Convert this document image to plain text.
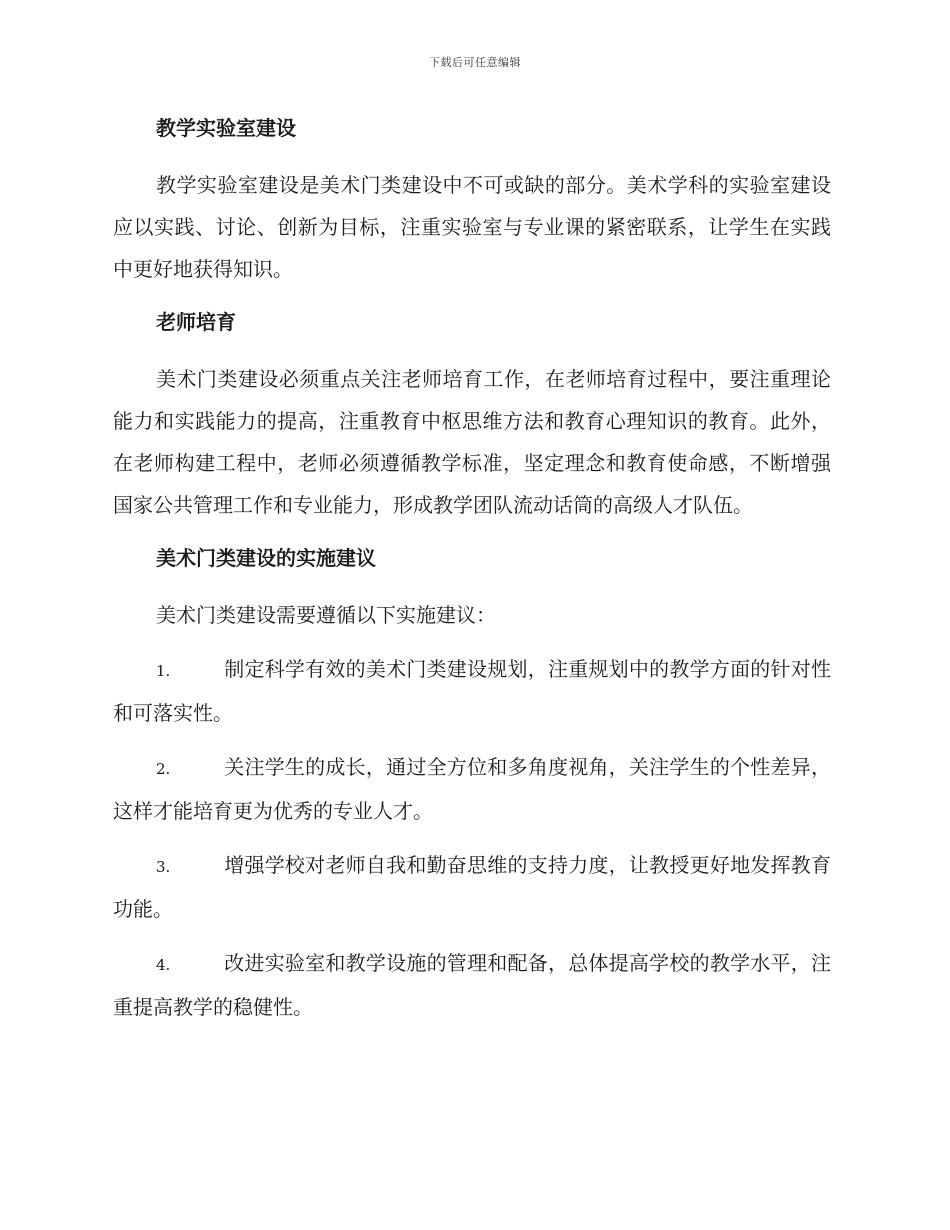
下载后可任意编辑
教学实验室建设
教学实验室建设是美术门类建设中不可或缺的部分。美术学科的实验室建设应以实践、讨论、创新为目标，注重实验室与专业课的紧密联系，让学生在实践中更好地获得知识。
老师培育
美术门类建设必须重点关注老师培育工作，在老师培育过程中，要注重理论能力和实践能力的提高，注重教育中枢思维方法和教育心理知识的教育。此外，在老师构建工程中，老师必须遵循教学标准，坚定理念和教育使命感，不断增强国家公共管理工作和专业能力，形成教学团队流动话筒的高级人才队伍。
美术门类建设的实施建议
美术门类建设需要遵循以下实施建议：
1.	制定科学有效的美术门类建设规划，注重规划中的教学方面的针对性和可落实性。
2.	关注学生的成长，通过全方位和多角度视角，关注学生的个性差异，这样才能培育更为优秀的专业人才。
3.	增强学校对老师自我和勤奋思维的支持力度，让教授更好地发挥教育功能。
4.	改进实验室和教学设施的管理和配备，总体提高学校的教学水平，注重提高教学的稳健性。
